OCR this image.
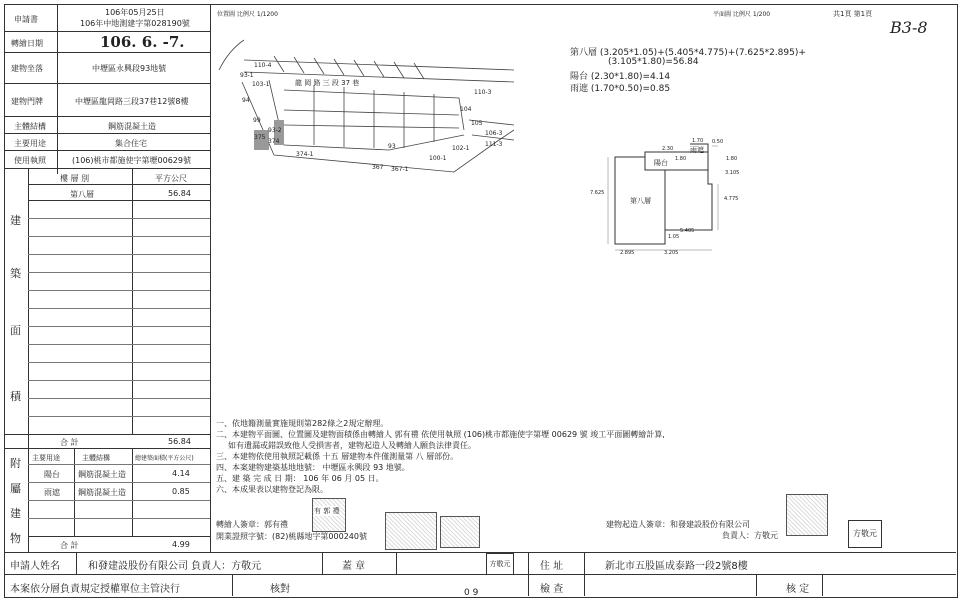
申請書
106年05月25日
106年中地測建字第028190號
轉繪日期	106. 6. -7.
建物坐落	中壢區永興段93地號
建物門牌	中壢區龍岡路三段37巷12號8樓
主體結構	鋼筋混凝土造
主要用途	集合住宅
使用執照	(106)桃市都施使字第壢00629號
樓 層 別	平方公尺
第八層	56.84
建
築
面
積
合 計	56.84
主要用途	主體結構	總建築面積(平方公尺)
陽台 鋼筋混凝土造	4.14
雨遮 鋼筋混凝土造	0.85
合 計	4.99
附
屬
建
物
位置圖 比例尺 1/1200
龍 岡 路 三 段 37 巷
110-4
93-1
103-1
110-3
94
104
99	105
93-2	106-3
374	111-3
375
102-1
93
374-1
100-1
367 367-1
平面圖 比例尺 1/200	共1頁 第1頁
B3-8
第八層 (3.205*1.05)+(5.405*4.775)+(7.625*2.895)+
(3.105*1.80)=56.84
陽台 (2.30*1.80)=4.14
雨遮 (1.70*0.50)=0.85
第八層
陽台
雨遮
1.70
2.30
0.50
1.80
3.105
1.80
7.625
4.775
5.405
1.05
2.895	3.205
一、依地籍測量實施規則第282條之2規定辦理。
二、本建物平面圖、位置圖及建物面積係由轉繪人 郭有禮 依使用執照 (106)桃市都施使字第壢 00629 號 竣工平面圖轉繪計算,
如有遺漏或錯誤致他人受損害者，建物起造人及轉繪人願負法律責任。
三、本建物依使用執照記載係 十五 層建物本件僅測量第 八 層部份。
四、本案建物建築基地地號： 中壢區永興段 93 地號。
五、建 築 完 成 日 期： 106 年 06 月 05 日。
六、本成果表以建物登記為限。
轉繪人簽章：郭有禮
開業證照字號：(82)桃縣地字第000240號
有 郭 禮
建物起造人簽章：和發建設股份有限公司
負責人：方敬元	方敬元
申請人姓名	和發建設股份有限公司 負責人：方敬元	蓋 章	方敬元	住 址	新北市五股區成泰路一段2號8樓
本案依分層負責規定授權單位主管決行	核對	檢 查	核 定
0 9
